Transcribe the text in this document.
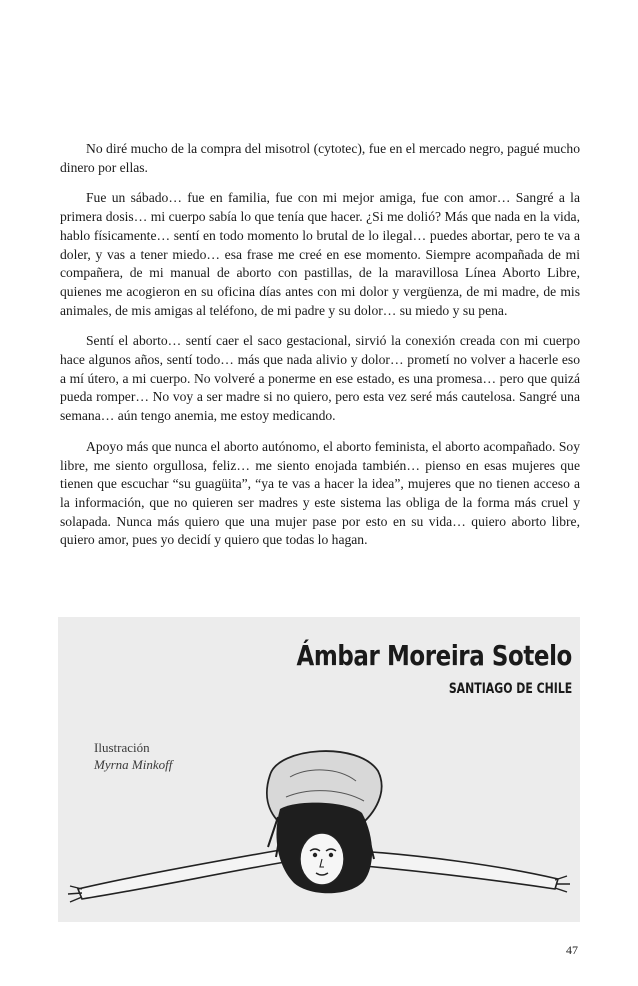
No diré mucho de la compra del misotrol (cytotec), fue en el mercado negro, pagué mucho dinero por ellas.

Fue un sábado… fue en familia, fue con mi mejor amiga, fue con amor… Sangré a la primera dosis… mi cuerpo sabía lo que tenía que hacer. ¿Si me dolió? Más que nada en la vida, hablo físicamente… sentí en todo momento lo brutal de lo ilegal… puedes abortar, pero te va a doler, y vas a tener miedo… esa frase me creé en ese momento. Siempre acompañada de mi compañera, de mi manual de aborto con pastillas, de la maravillosa Línea Aborto Libre, quienes me acogieron en su oficina días antes con mi dolor y vergüenza, de mi madre, de mis animales, de mis amigas al teléfono, de mi padre y su dolor… su miedo y su pena.

Sentí el aborto… sentí caer el saco gestacional, sirvió la conexión creada con mi cuerpo hace algunos años, sentí todo… más que nada alivio y dolor… prometí no volver a hacerle eso a mí útero, a mi cuerpo. No volveré a ponerme en ese estado, es una promesa… pero que quizá pueda romper… No voy a ser madre si no quiero, pero esta vez seré más cautelosa. Sangré una semana… aún tengo anemia, me estoy medicando.

Apoyo más que nunca el aborto autónomo, el aborto feminista, el aborto acompañado. Soy libre, me siento orgullosa, feliz… me siento enojada también… pienso en esas mujeres que tienen que escuchar “su guagüita”, “ya te vas a hacer la idea”, mujeres que no tienen acceso a la información, que no quieren ser madres y este sistema las obliga de la forma más cruel y solapada. Nunca más quiero que una mujer pase por esto en su vida… quiero aborto libre, quiero amor, pues yo decidí y quiero que todas lo hagan.

Ámbar Moreira Sotelo
SANTIAGO DE CHILE
Ilustración
Myrna Minkoff
47
